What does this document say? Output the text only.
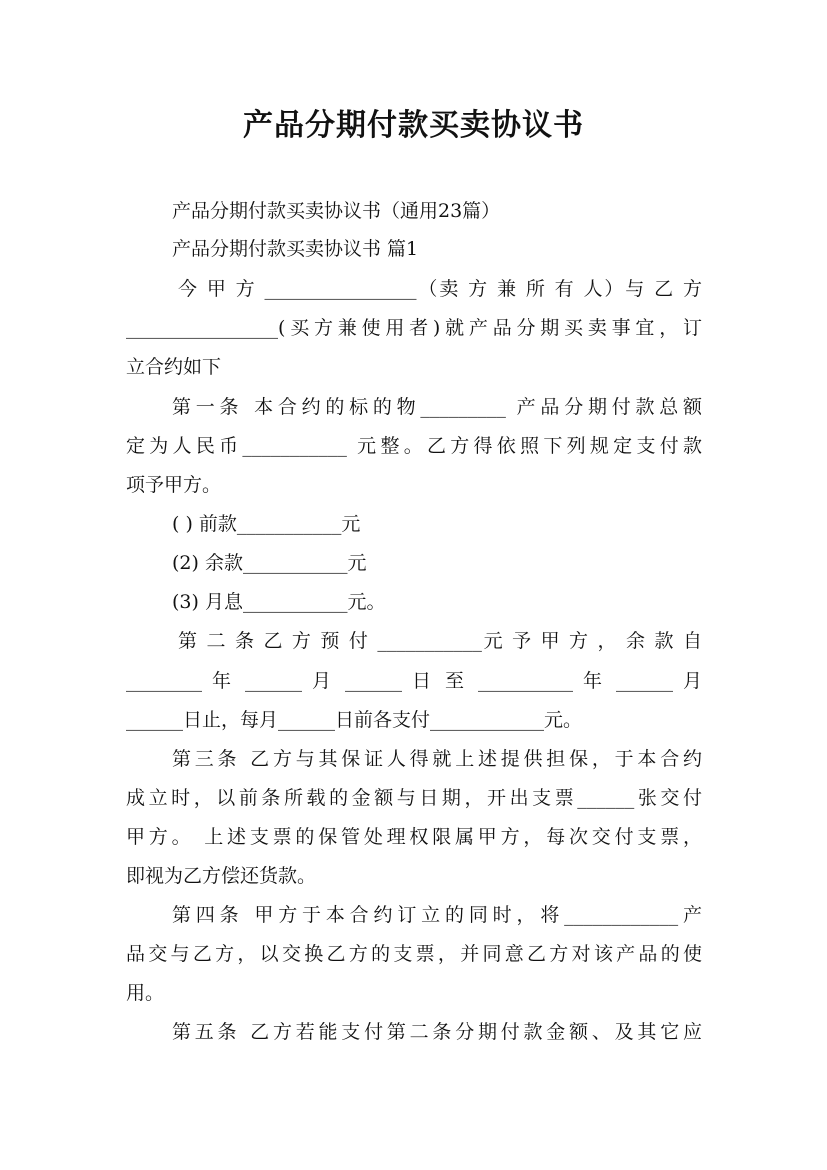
产品分期付款买卖协议书
产品分期付款买卖协议书（通用23篇）
产品分期付款买卖协议书 篇1
今 甲 方 ________________（卖 方 兼 所 有 人）与 乙 方
________________(买方兼使用者)就产品分期买卖事宜，订
立合约如下
第一条 本合约的标的物_________ 产品分期付款总额
定为人民币___________ 元整。乙方得依照下列规定支付款
项予甲方。
( ) 前款___________元
(2) 余款___________元
(3) 月息___________元。
第 二 条 乙 方 预 付 ___________元 予 甲 方 ， 余 款 自
________ 年 ______ 月 ______ 日 至 __________ 年 ______ 月
______日止，每月______日前各支付____________元。
第三条 乙方与其保证人得就上述提供担保，于本合约
成立时，以前条所载的金额与日期，开出支票______张交付
甲方。 上述支票的保管处理权限属甲方，每次交付支票，
即视为乙方偿还货款。
第四条 甲方于本合约订立的同时，将____________产
品交与乙方，以交换乙方的支票，并同意乙方对该产品的使
用。
第五条 乙方若能支付第二条分期付款金额、及其它应
